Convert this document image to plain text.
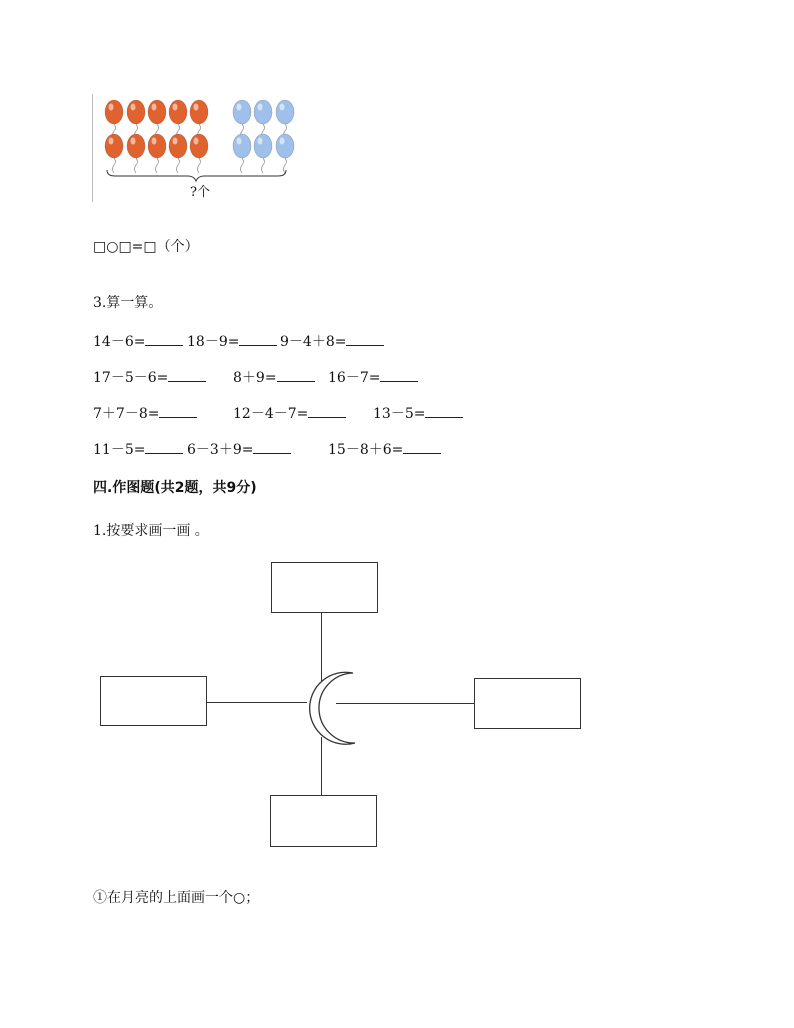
?个
□○□=□（个）
3.算一算。
14－6=	18－9=	9－4＋8=
17－5－6=	8＋9=	16－7=
7＋7－8=	12－4－7=	13－5=
11－5=	6－3＋9=	15－8＋6=
四.作图题(共2题，共9分)
1.按要求画一画 。
①在月亮的上面画一个○；
